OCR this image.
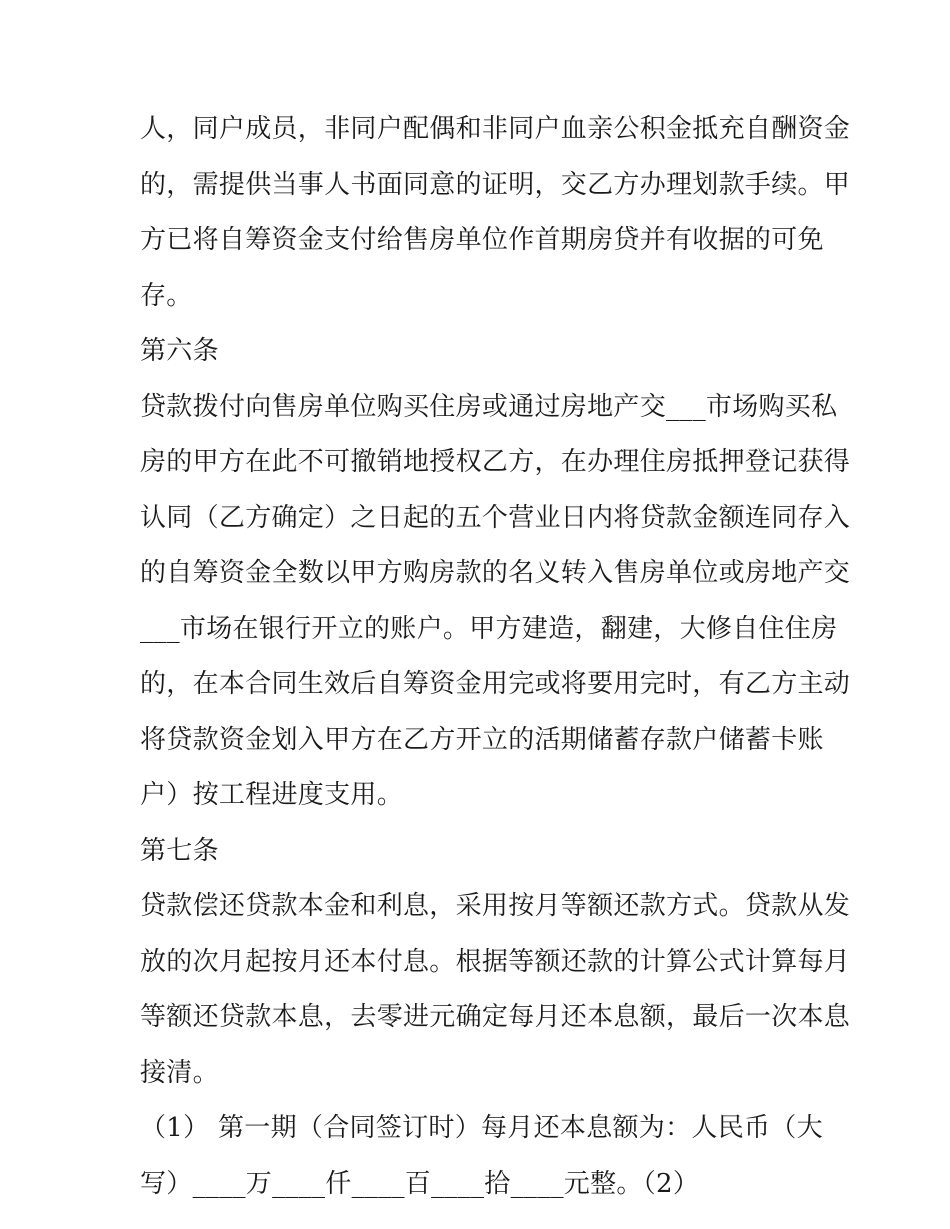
人，同户成员，非同户配偶和非同户血亲公积金抵充自酬资金
的，需提供当事人书面同意的证明，交乙方办理划款手续。甲
方已将自筹资金支付给售房单位作首期房贷并有收据的可免
存。
第六条
贷款拨付向售房单位购买住房或通过房地产交___市场购买私
房的甲方在此不可撤销地授权乙方，在办理住房抵押登记获得
认同（乙方确定）之日起的五个营业日内将贷款金额连同存入
的自筹资金全数以甲方购房款的名义转入售房单位或房地产交
___市场在银行开立的账户。甲方建造，翻建，大修自住住房
的，在本合同生效后自筹资金用完或将要用完时，有乙方主动
将贷款资金划入甲方在乙方开立的活期储蓄存款户储蓄卡账
户）按工程进度支用。
第七条
贷款偿还贷款本金和利息，采用按月等额还款方式。贷款从发
放的次月起按月还本付息。根据等额还款的计算公式计算每月
等额还贷款本息，去零进元确定每月还本息额，最后一次本息
接清。
（1） 第一期（合同签订时）每月还本息额为：人民币（大
写）____万____仟____百____拾____元整。（2）
